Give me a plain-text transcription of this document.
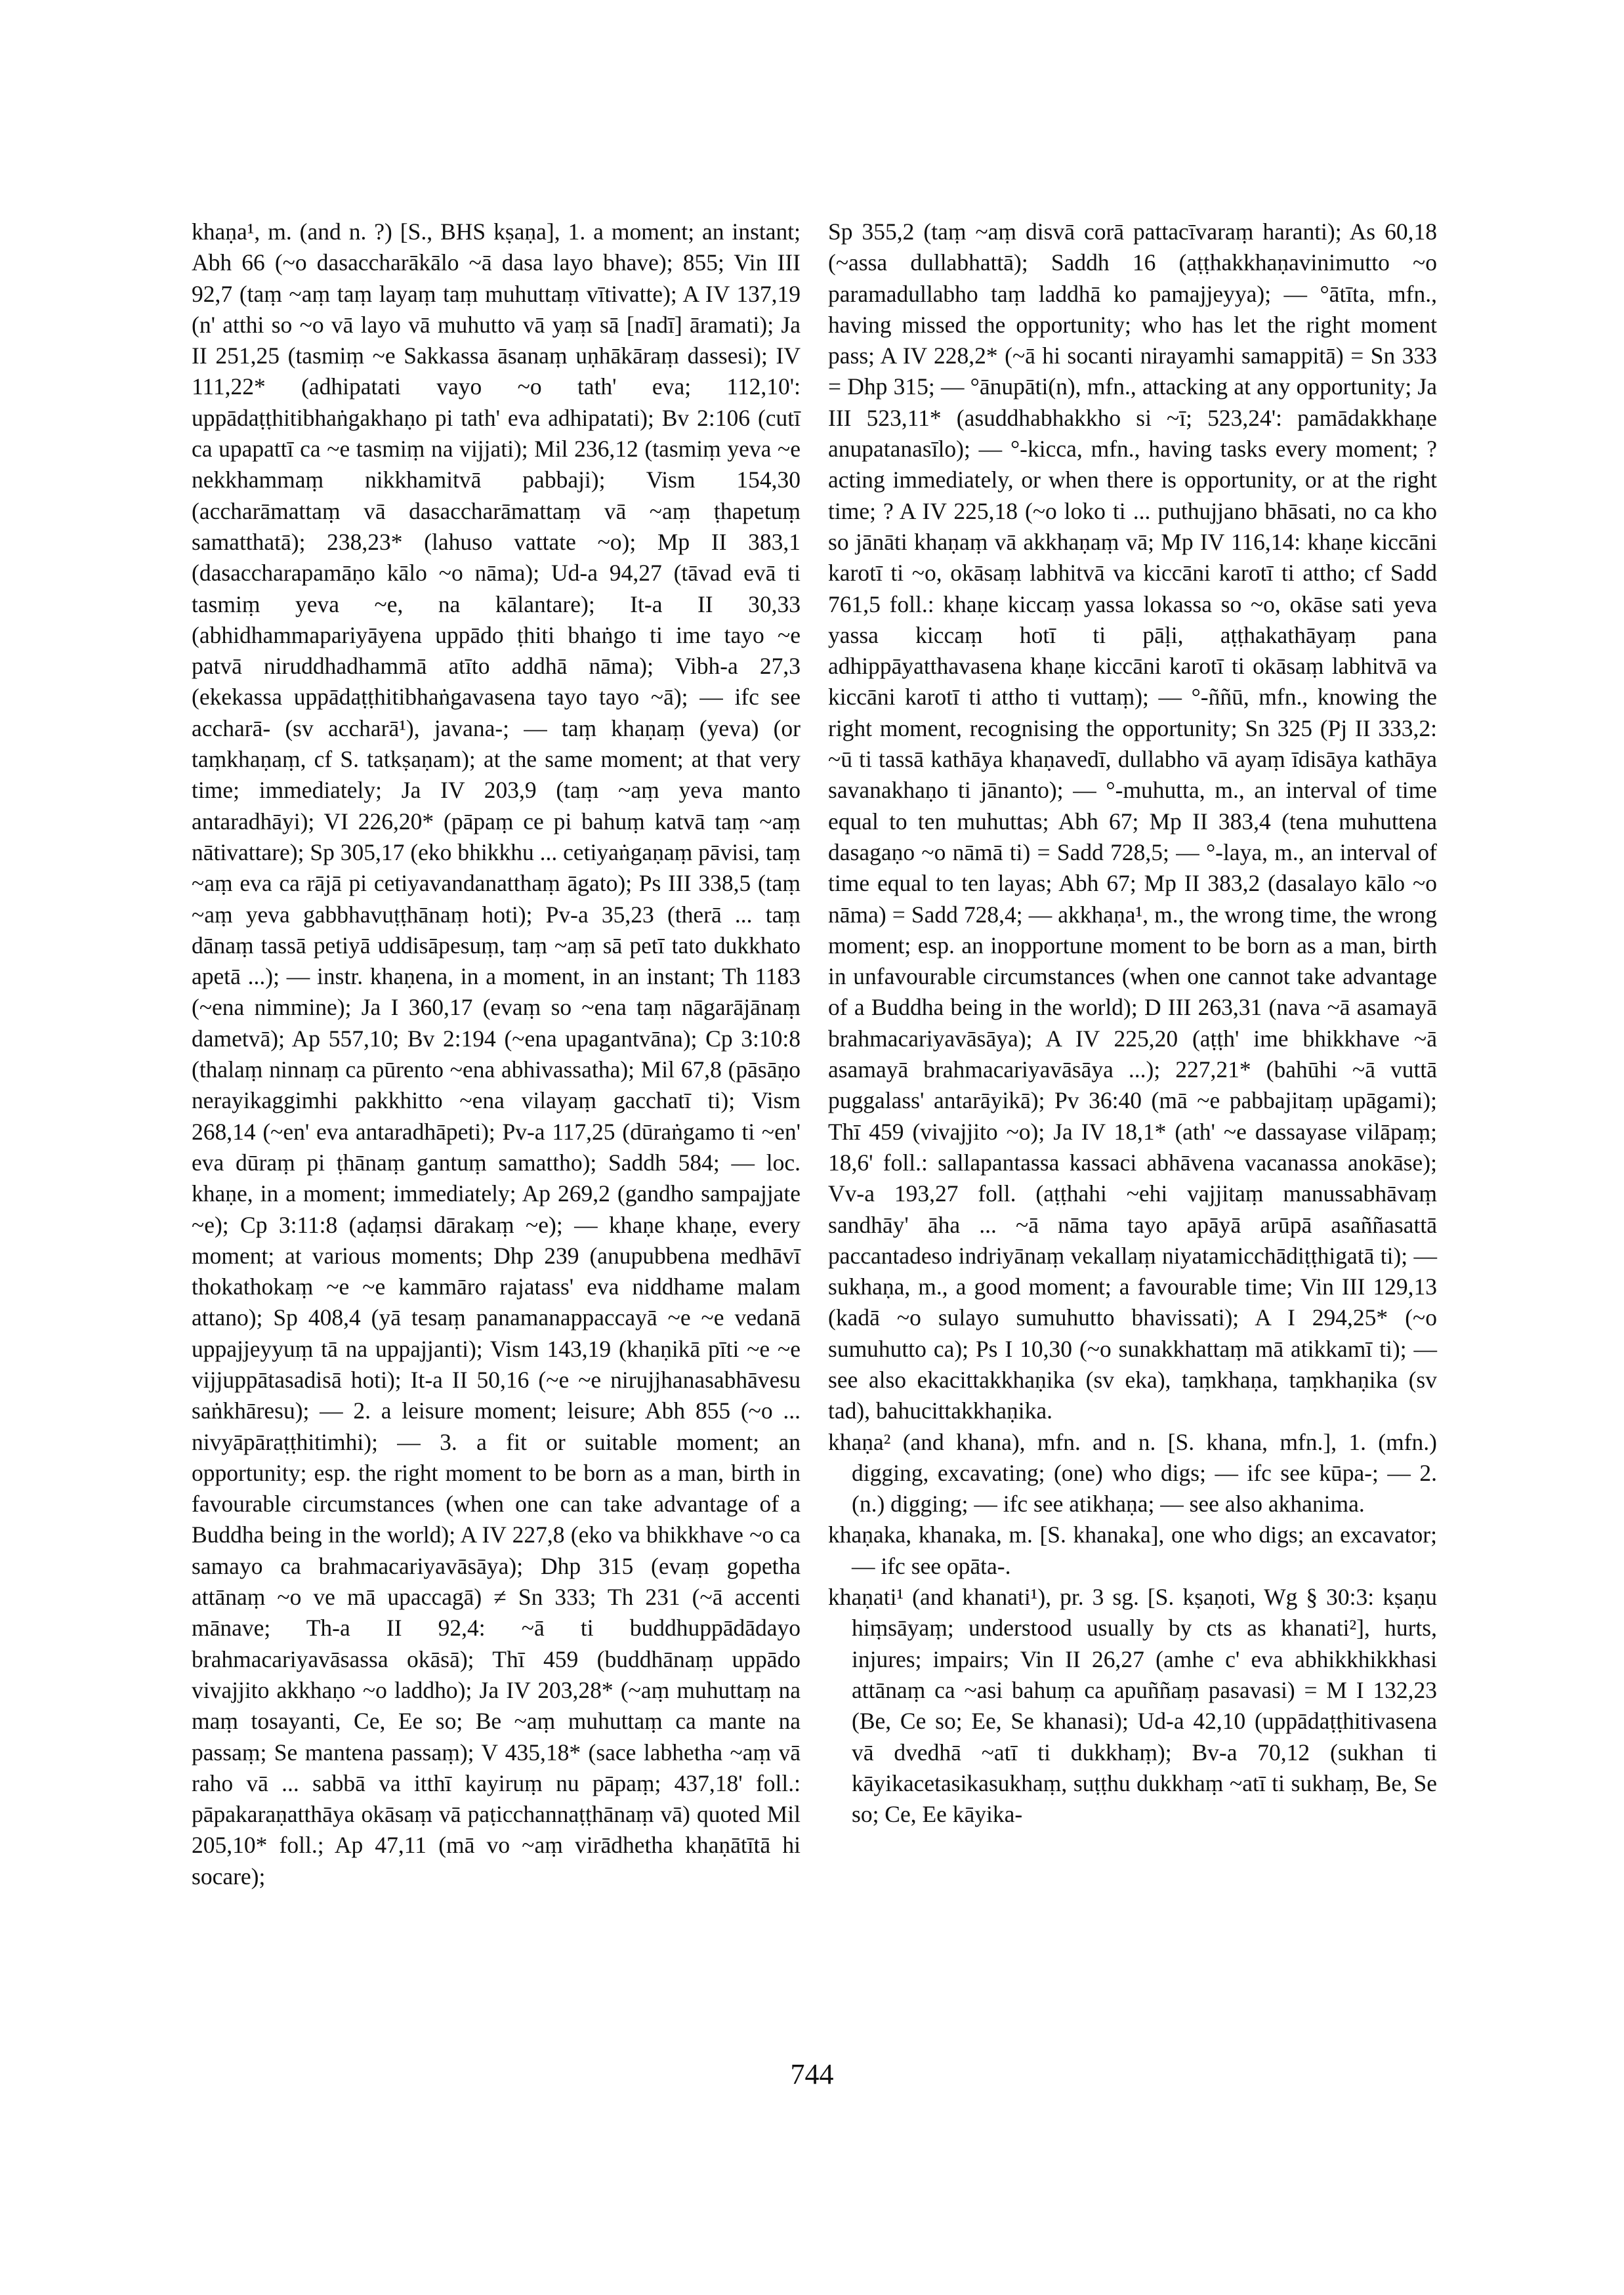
khaṇa¹, m. (and n. ?) [S., BHS kṣaṇa], 1. a moment; an instant; Abh 66 (~o dasaccharākālo ~ā dasa layo bhave); 855; Vin III 92,7 (taṃ ~aṃ taṃ layaṃ taṃ muhuttaṃ vītivatte); A IV 137,19 (n' atthi so ~o vā layo vā muhutto vā yaṃ sā [nadī] āramati); Ja II 251,25 (tasmiṃ ~e Sakkassa āsanaṃ uṇhākāraṃ dassesi); IV 111,22* (adhipatati vayo ~o tath' eva; 112,10': uppādaṭṭhitibhaṅgakhaṇo pi tath' eva adhipatati); Bv 2:106 (cutī ca upapattī ca ~e tasmiṃ na vijjati); Mil 236,12 (tasmiṃ yeva ~e nekkhammaṃ nikkhamitvā pabbaji); Vism 154,30 (accharāmattaṃ vā dasaccharāmattaṃ vā ~aṃ ṭhapetuṃ samatthatā); 238,23* (lahuso vattate ~o); Mp II 383,1 (dasaccharapamāṇo kālo ~o nāma); Ud-a 94,27 (tāvad evā ti tasmiṃ yeva ~e, na kālantare); It-a II 30,33 (abhidhammapariyāyena uppādo ṭhiti bhaṅgo ti ime tayo ~e patvā niruddhadhammā atīto addhā nāma); Vibh-a 27,3 (ekekassa uppādaṭṭhitibhaṅgavasena tayo tayo ~ā); — ifc see accharā- (sv accharā¹), javana-; — taṃ khaṇaṃ (yeva) (or taṃkhaṇaṃ, cf S. tatkṣaṇam); at the same moment; at that very time; immediately; Ja IV 203,9 (taṃ ~aṃ yeva manto antaradhāyi); VI 226,20* (pāpaṃ ce pi bahuṃ katvā taṃ ~aṃ nātivattare); Sp 305,17 (eko bhikkhu ... cetiyaṅgaṇaṃ pāvisi, taṃ ~aṃ eva ca rājā pi cetiyavandanatthaṃ āgato); Ps III 338,5 (taṃ ~aṃ yeva gabbhavuṭṭhānaṃ hoti); Pv-a 35,23 (therā ... taṃ dānaṃ tassā petiyā uddisāpesuṃ, taṃ ~aṃ sā petī tato dukkhato apetā ...); — instr. khaṇena, in a moment, in an instant; Th 1183 (~ena nimmine); Ja I 360,17 (evaṃ so ~ena taṃ nāgarājānaṃ dametvā); Ap 557,10; Bv 2:194 (~ena upagantvāna); Cp 3:10:8 (thalaṃ ninnaṃ ca pūrento ~ena abhivassatha); Mil 67,8 (pāsāṇo nerayikaggimhi pakkhitto ~ena vilayaṃ gacchatī ti); Vism 268,14 (~en' eva antaradhāpeti); Pv-a 117,25 (dūraṅgamo ti ~en' eva dūraṃ pi ṭhānaṃ gantuṃ samattho); Saddh 584; — loc. khaṇe, in a moment; immediately; Ap 269,2 (gandho sampajjate ~e); Cp 3:11:8 (aḍaṃsi dārakaṃ ~e); — khaṇe khaṇe, every moment; at various moments; Dhp 239 (anupubbena medhāvī thokathokaṃ ~e ~e kammāro rajatass' eva niddhame malam attano); Sp 408,4 (yā tesaṃ panamanappaccayā ~e ~e vedanā uppajjeyyuṃ tā na uppajjanti); Vism 143,19 (khaṇikā pīti ~e ~e vijjuppātasadisā hoti); It-a II 50,16 (~e ~e nirujjhanasabhāvesu saṅkhāresu); — 2. a leisure moment; leisure; Abh 855 (~o ... nivyāpāraṭṭhitimhi); — 3. a fit or suitable moment; an opportunity; esp. the right moment to be born as a man, birth in favourable circumstances (when one can take advantage of a Buddha being in the world); A IV 227,8 (eko va bhikkhave ~o ca samayo ca brahmacariyavāsāya); Dhp 315 (evaṃ gopetha attānaṃ ~o ve mā upaccagā) ≠ Sn 333; Th 231 (~ā accenti mānave; Th-a II 92,4: ~ā ti buddhuppādādayo brahmacariyavāsassa okāsā); Thī 459 (buddhānaṃ uppādo vivajjito akkhaṇo ~o laddho); Ja IV 203,28* (~aṃ muhuttaṃ na maṃ tosayanti, Ce, Ee so; Be ~aṃ muhuttaṃ ca mante na passaṃ; Se mantena passaṃ); V 435,18* (sace labhetha ~aṃ vā raho vā ... sabbā va itthī kayiruṃ nu pāpaṃ; 437,18' foll.: pāpakaraṇatthāya okāsaṃ vā paṭicchannaṭṭhānaṃ vā) quoted Mil 205,10* foll.; Ap 47,11 (mā vo ~aṃ virādhetha khaṇātītā hi socare);

Sp 355,2 (taṃ ~aṃ disvā corā pattacīvaraṃ haranti); As 60,18 (~assa dullabhattā); Saddh 16 (aṭṭhakkhaṇavinimutto ~o paramadullabho taṃ laddhā ko pamajjeyya); — °ātīta, mfn., having missed the opportunity; who has let the right moment pass; A IV 228,2* (~ā hi socanti nirayamhi samappitā) = Sn 333 = Dhp 315; — °ānupāti(n), mfn., attacking at any opportunity; Ja III 523,11* (asuddhabhakkho si ~ī; 523,24': pamādakkhaṇe anupatanasīlo); — °-kicca, mfn., having tasks every moment; ? acting immediately, or when there is opportunity, or at the right time; ? A IV 225,18 (~o loko ti ... puthujjano bhāsati, no ca kho so jānāti khaṇaṃ vā akkhaṇaṃ vā; Mp IV 116,14: khaṇe kiccāni karotī ti ~o, okāsaṃ labhitvā va kiccāni karotī ti attho; cf Sadd 761,5 foll.: khaṇe kiccaṃ yassa lokassa so ~o, okāse sati yeva yassa kiccaṃ hotī ti pāḷi, aṭṭhakathāyaṃ pana adhippāyatthavasena khaṇe kiccāni karotī ti okāsaṃ labhitvā va kiccāni karotī ti attho ti vuttaṃ); — °-ññū, mfn., knowing the right moment, recognising the opportunity; Sn 325 (Pj II 333,2: ~ū ti tassā kathāya khaṇavedī, dullabho vā ayaṃ īdisāya kathāya savanakhaṇo ti jānanto); — °-muhutta, m., an interval of time equal to ten muhuttas; Abh 67; Mp II 383,4 (tena muhuttena dasagaṇo ~o nāmā ti) = Sadd 728,5; — °-laya, m., an interval of time equal to ten layas; Abh 67; Mp II 383,2 (dasalayo kālo ~o nāma) = Sadd 728,4; — akkhaṇa¹, m., the wrong time, the wrong moment; esp. an inopportune moment to be born as a man, birth in unfavourable circumstances (when one cannot take advantage of a Buddha being in the world); D III 263,31 (nava ~ā asamayā brahmacariyavāsāya); A IV 225,20 (aṭṭh' ime bhikkhave ~ā asamayā brahmacariyavāsāya ...); 227,21* (bahūhi ~ā vuttā puggalass' antarāyikā); Pv 36:40 (mā ~e pabbajitaṃ upāgami); Thī 459 (vivajjito ~o); Ja IV 18,1* (ath' ~e dassayase vilāpaṃ; 18,6' foll.: sallapantassa kassaci abhāvena vacanassa anokāse); Vv-a 193,27 foll. (aṭṭhahi ~ehi vajjitaṃ manussabhāvaṃ sandhāy' āha ... ~ā nāma tayo apāyā arūpā asaññasattā paccantadeso indriyānaṃ vekallaṃ niyatamicchādiṭṭhigatā ti); — sukhaṇa, m., a good moment; a favourable time; Vin III 129,13 (kadā ~o sulayo sumuhutto bhavissati); A I 294,25* (~o sumuhutto ca); Ps I 10,30 (~o sunakkhattaṃ mā atikkamī ti); — see also ekacittakkhaṇika (sv eka), taṃkhaṇa, taṃkhaṇika (sv tad), bahucittakkhaṇika.

khaṇa² (and khana), mfn. and n. [S. khana, mfn.], 1. (mfn.) digging, excavating; (one) who digs; — ifc see kūpa-; — 2. (n.) digging; — ifc see atikhaṇa; — see also akhanima.

khaṇaka, khanaka, m. [S. khanaka], one who digs; an excavator; — ifc see opāta-.

khaṇati¹ (and khanati¹), pr. 3 sg. [S. kṣaṇoti, Wg § 30:3: kṣaṇu hiṃsāyaṃ; understood usually by cts as khanati²], hurts, injures; impairs; Vin II 26,27 (amhe c' eva abhikkhikkhasi attānaṃ ca ~asi bahuṃ ca apuññaṃ pasavasi) = M I 132,23 (Be, Ce so; Ee, Se khanasi); Ud-a 42,10 (uppādaṭṭhitivasena vā dvedhā ~atī ti dukkhaṃ); Bv-a 70,12 (sukhan ti kāyikacetasikasukhaṃ, suṭṭhu dukkhaṃ ~atī ti sukhaṃ, Be, Se so; Ce, Ee kāyika-

744
